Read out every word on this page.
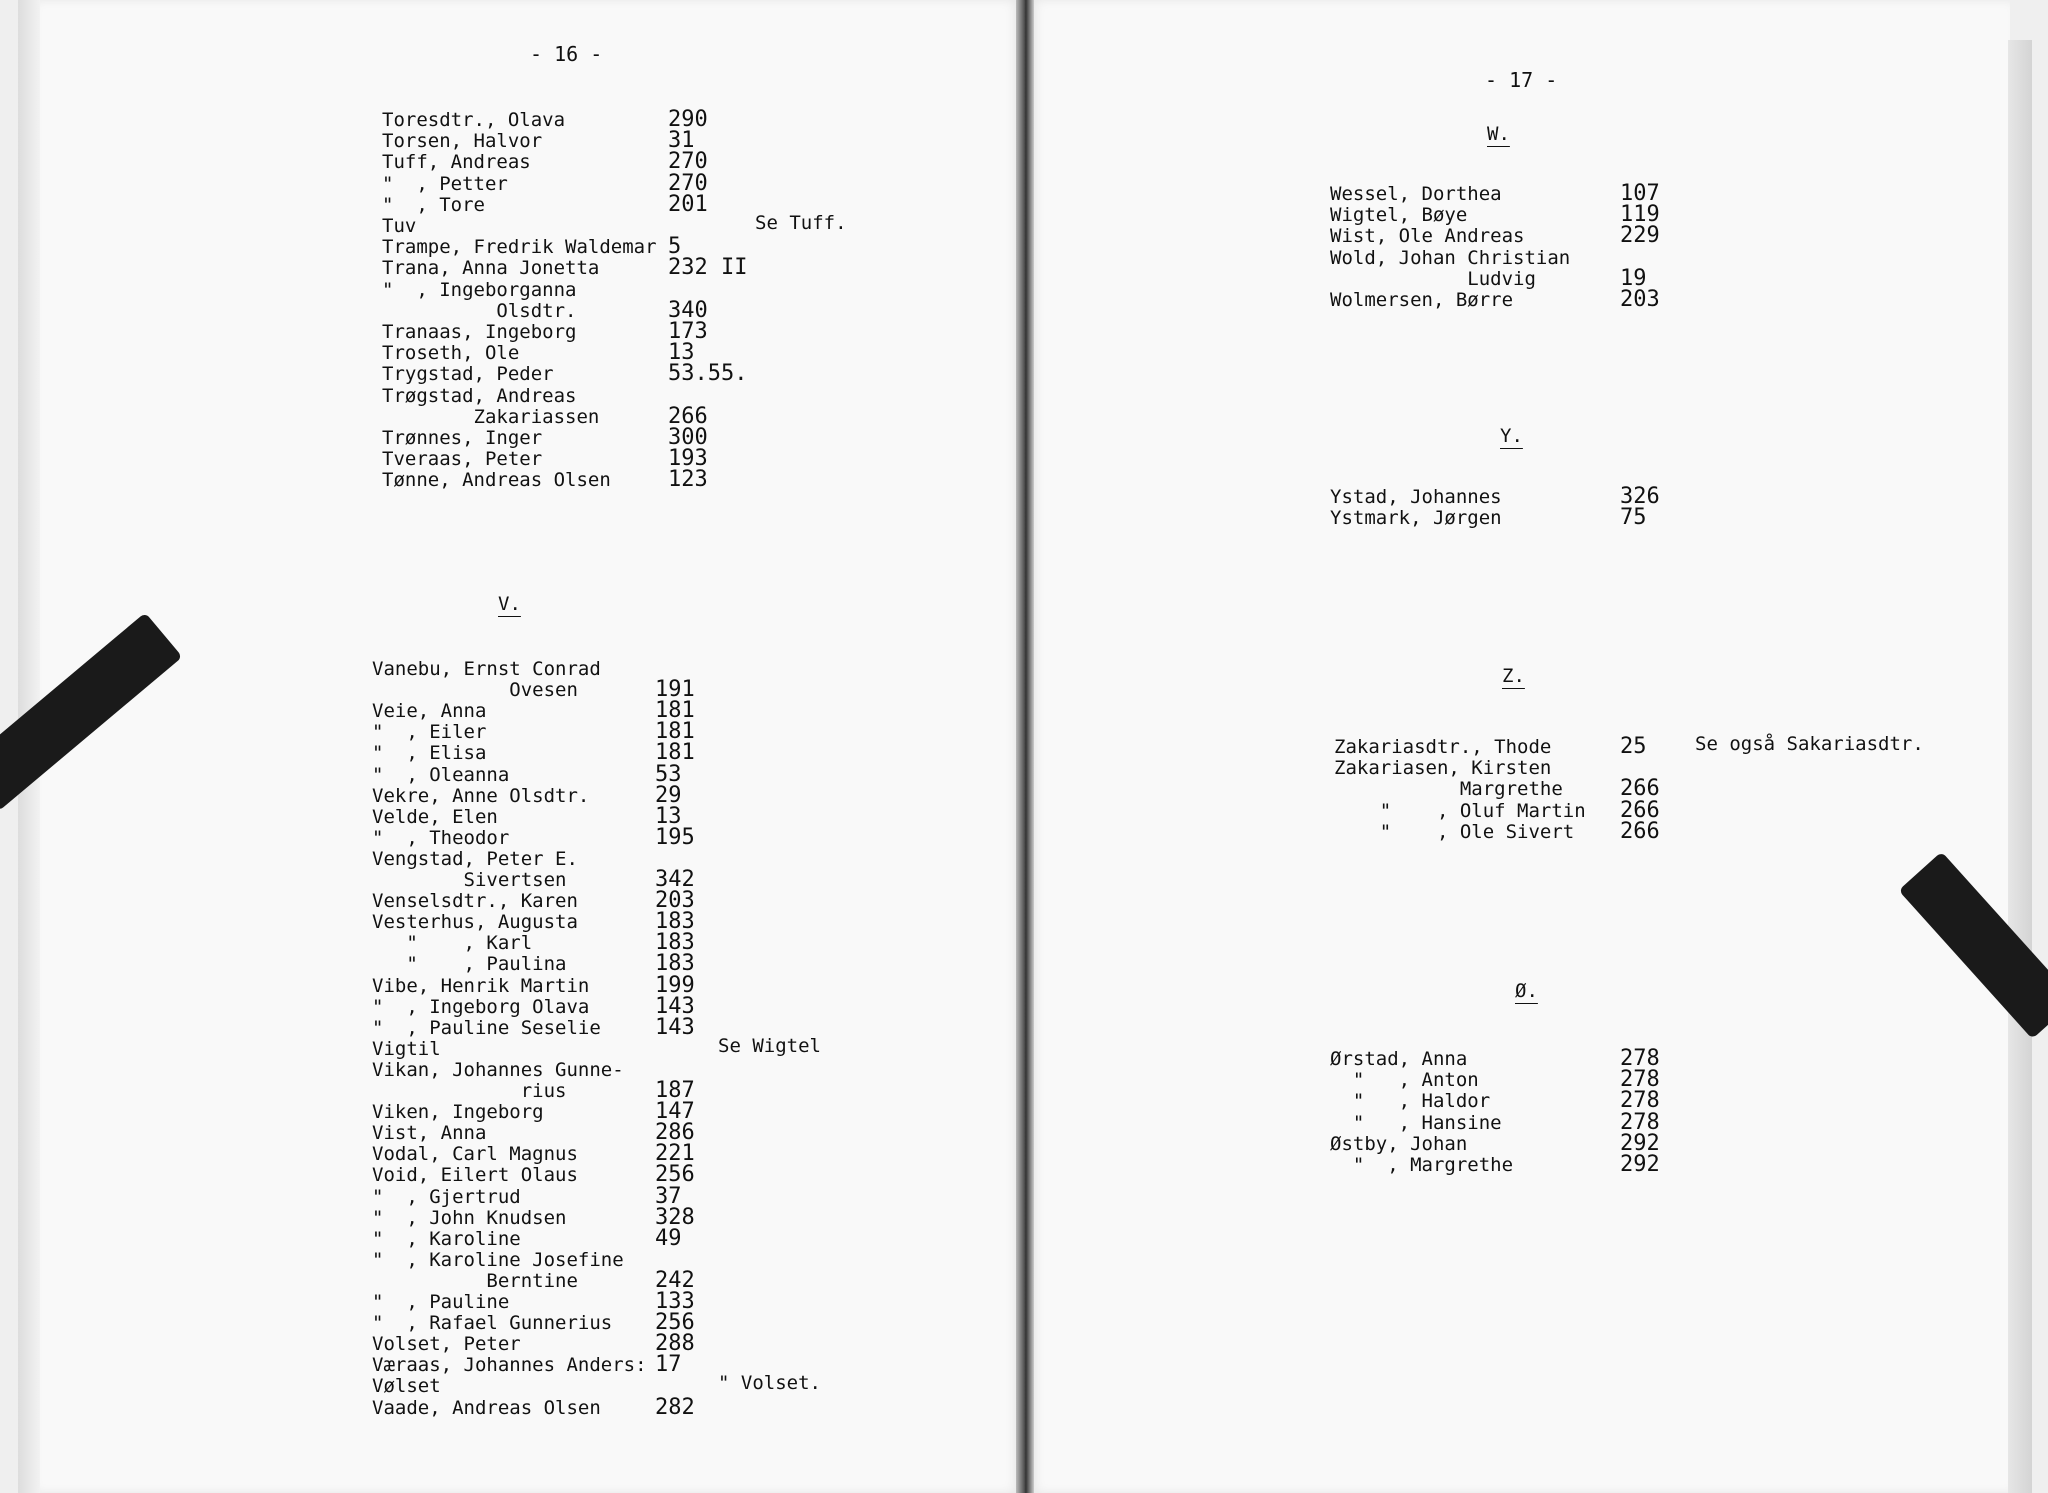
- 16 -
- 17 -
V.
W.
Y.
Z.
Ø.
Toresdtr., Olava	290
Torsen, Halvor	31
Tuff, Andreas	270
"  , Petter	270
"  , Tore	201
Tuv	Se Tuff.
Trampe, Fredrik Waldemar 5
Trana, Anna Jonetta	232 II
"  , Ingeborganna
Olsdtr.	340
Tranaas, Ingeborg	173
Troseth, Ole	13
Trygstad, Peder	53.55.
Trøgstad, Andreas
Zakariassen	266
Trønnes, Inger	300
Tveraas, Peter	193
Tønne, Andreas Olsen	123
Vanebu, Ernst Conrad
Ovesen	191
Veie, Anna	181
"  , Eiler	181
"  , Elisa	181
"  , Oleanna	53
Vekre, Anne Olsdtr.	29
Velde, Elen	13
"  , Theodor	195
Vengstad, Peter E.
Sivertsen	342
Venselsdtr., Karen	203
Vesterhus, Augusta	183
"    , Karl	183
"    , Paulina	183
Vibe, Henrik Martin	199
"  , Ingeborg Olava	143
"  , Pauline Seselie 143
Vigtil	Se Wigtel
Vikan, Johannes Gunne-
rius	187
Viken, Ingeborg	147
Vist, Anna	286
Vodal, Carl Magnus	221
Void, Eilert Olaus	256
"  , Gjertrud	37
"  , John Knudsen	328
"  , Karoline	49
"  , Karoline Josefine
Berntine	242
"  , Pauline	133
"  , Rafael Gunnerius 256
Volset, Peter	288
Væraas, Johannes Anders: 17
Vølset	" Volset.
Vaade, Andreas Olsen 282
Wessel, Dorthea	107
Wigtel, Bøye	119
Wist, Ole Andreas	229
Wold, Johan Christian
Ludvig	19
Wolmersen, Børre	203
Ystad, Johannes	326
Ystmark, Jørgen	75
Zakariasdtr., Thode	25	Se også Sakariasdtr.
Zakariasen, Kirsten
Margrethe	266
"    , Oluf Martin 266
"    , Ole Sivert 266
Ørstad, Anna	278
"   , Anton	278
"   , Haldor	278
"   , Hansine	278
Østby, Johan	292
"  , Margrethe	292
